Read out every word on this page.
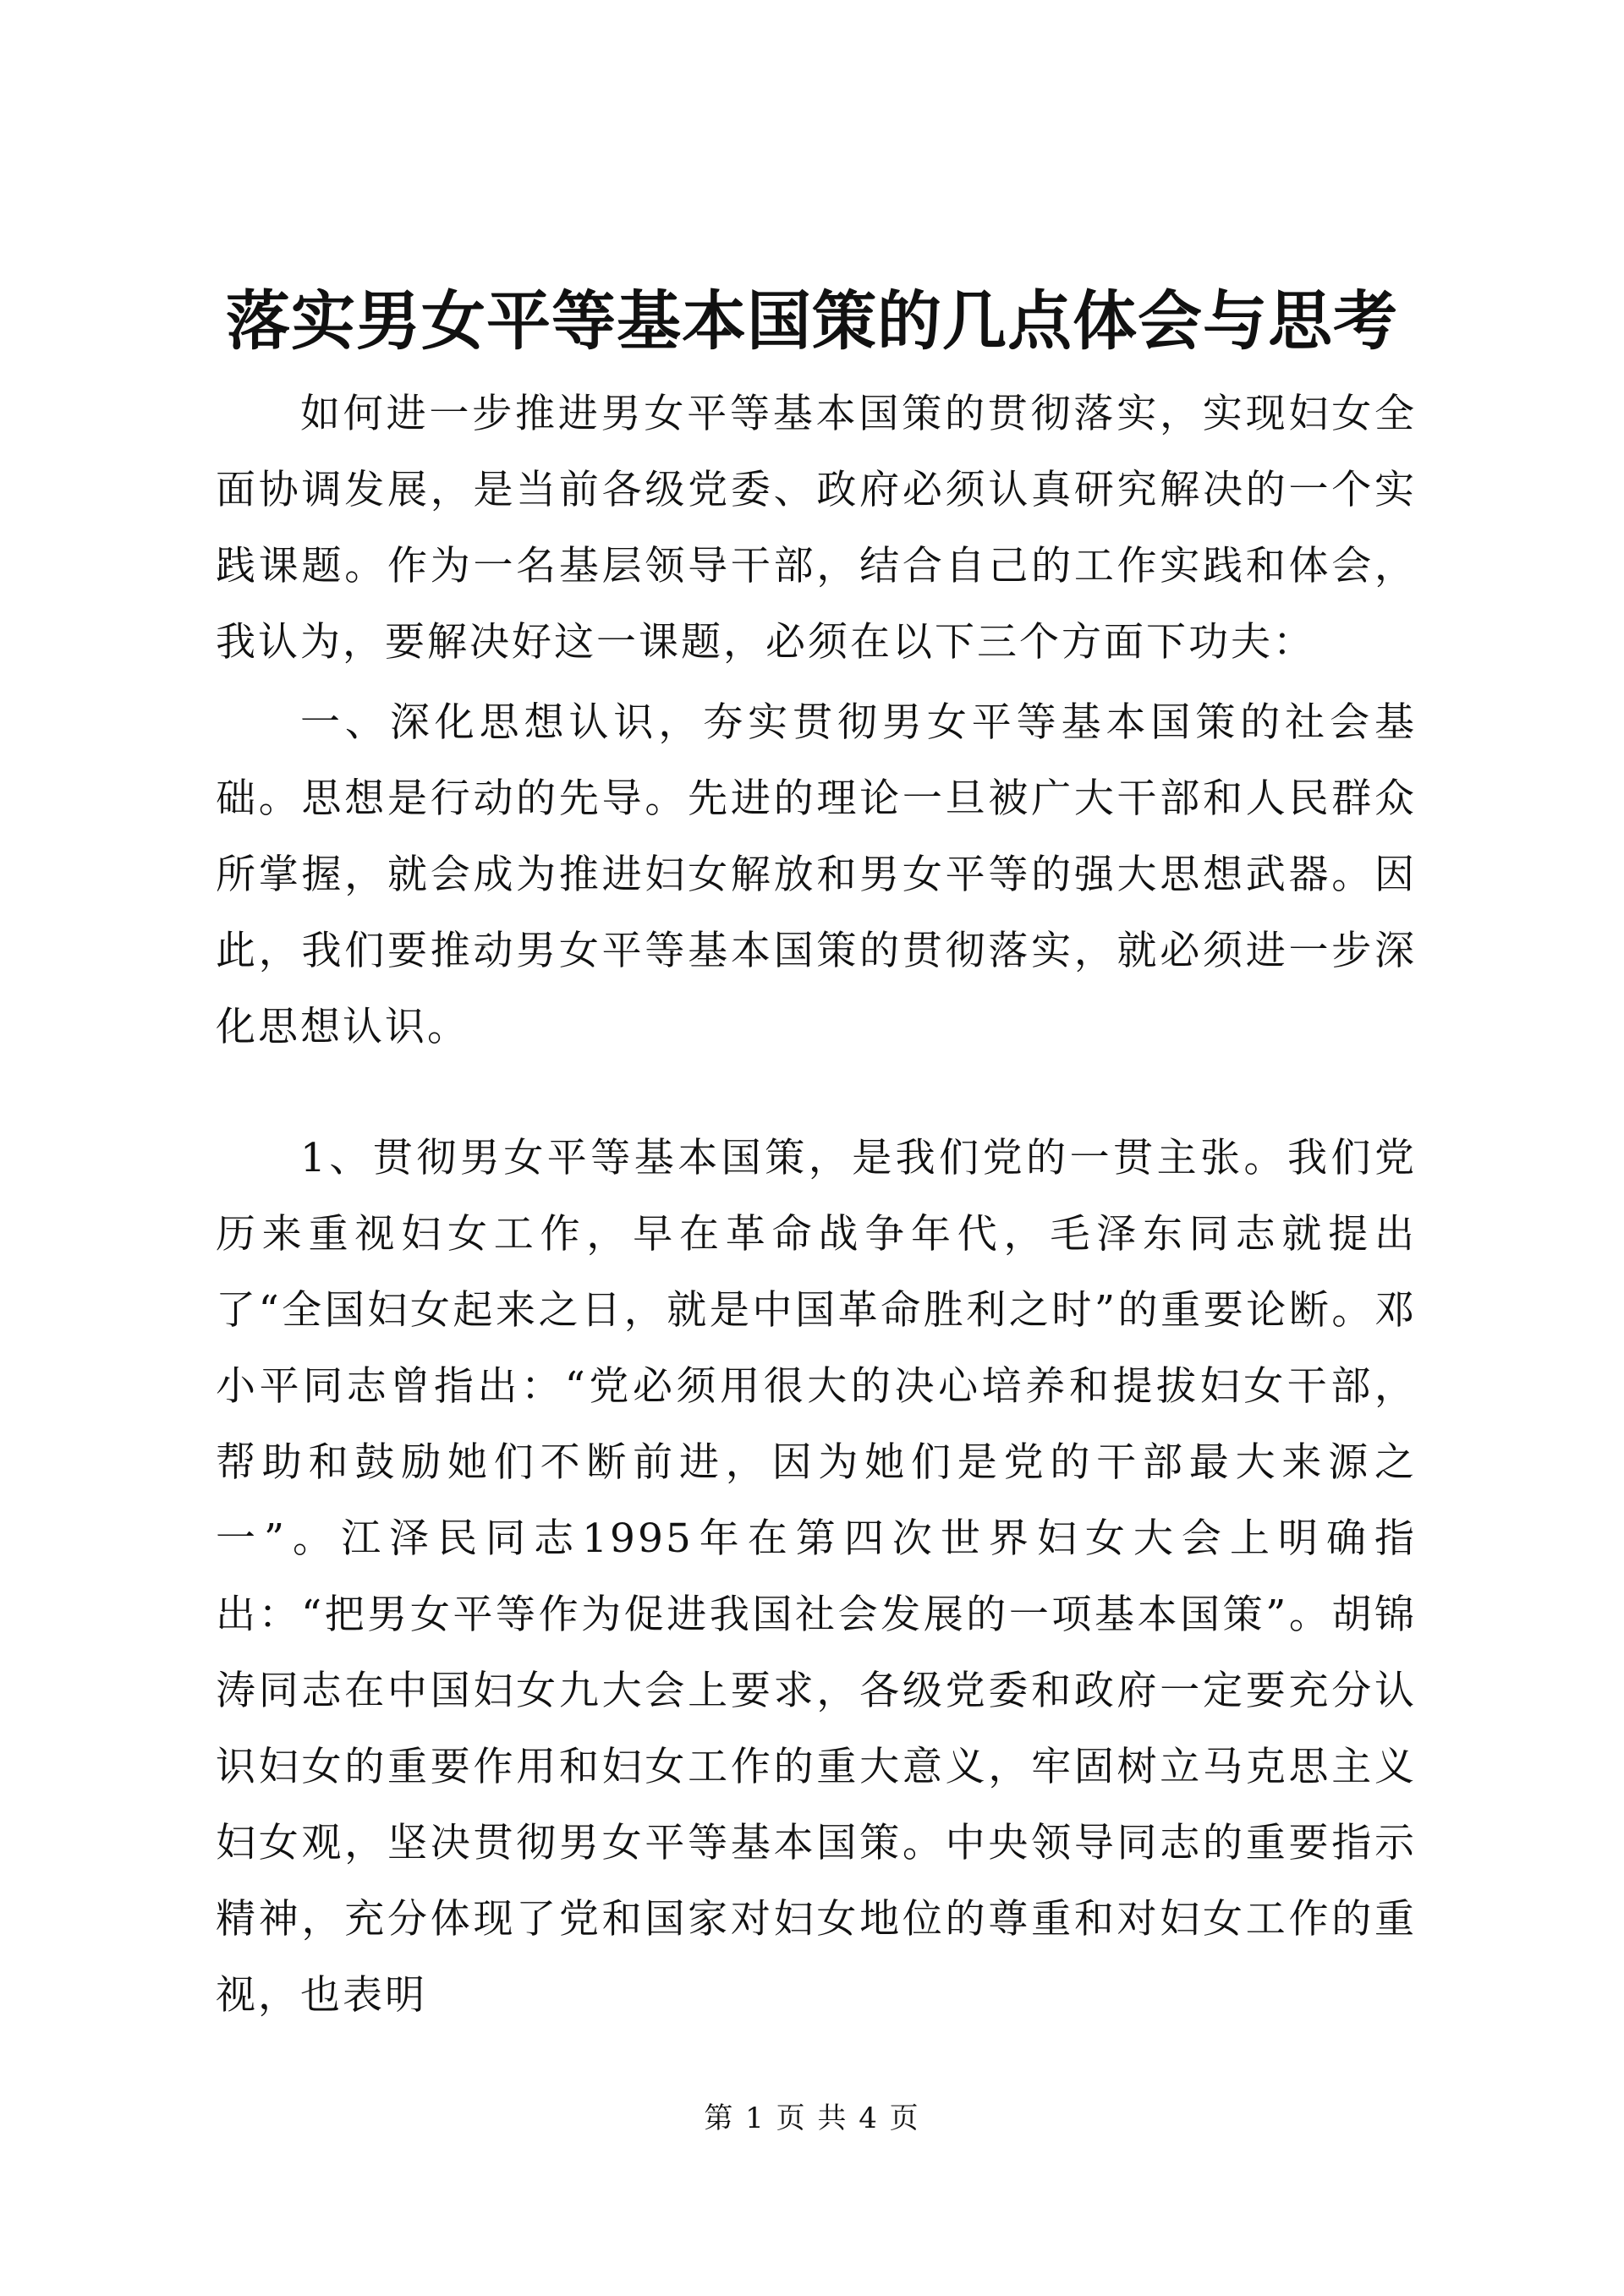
落实男女平等基本国策的几点体会与思考

如何进一步推进男女平等基本国策的贯彻落实，实现妇女全面协调发展，是当前各级党委、政府必须认真研究解决的一个实践课题。作为一名基层领导干部，结合自己的工作实践和体会，我认为，要解决好这一课题，必须在以下三个方面下功夫：

一、深化思想认识，夯实贯彻男女平等基本国策的社会基础。思想是行动的先导。先进的理论一旦被广大干部和人民群众所掌握，就会成为推进妇女解放和男女平等的强大思想武器。因此，我们要推动男女平等基本国策的贯彻落实，就必须进一步深化思想认识。

1、贯彻男女平等基本国策，是我们党的一贯主张。我们党历来重视妇女工作，早在革命战争年代，毛泽东同志就提出了“全国妇女起来之日，就是中国革命胜利之时”的重要论断。邓小平同志曾指出：“党必须用很大的决心培养和提拔妇女干部，帮助和鼓励她们不断前进，因为她们是党的干部最大来源之一”。江泽民同志1995年在第四次世界妇女大会上明确指出：“把男女平等作为促进我国社会发展的一项基本国策”。胡锦涛同志在中国妇女九大会上要求，各级党委和政府一定要充分认识妇女的重要作用和妇女工作的重大意义，牢固树立马克思主义妇女观，坚决贯彻男女平等基本国策。中央领导同志的重要指示精神，充分体现了党和国家对妇女地位的尊重和对妇女工作的重视，也表明

第 1 页 共 4 页
